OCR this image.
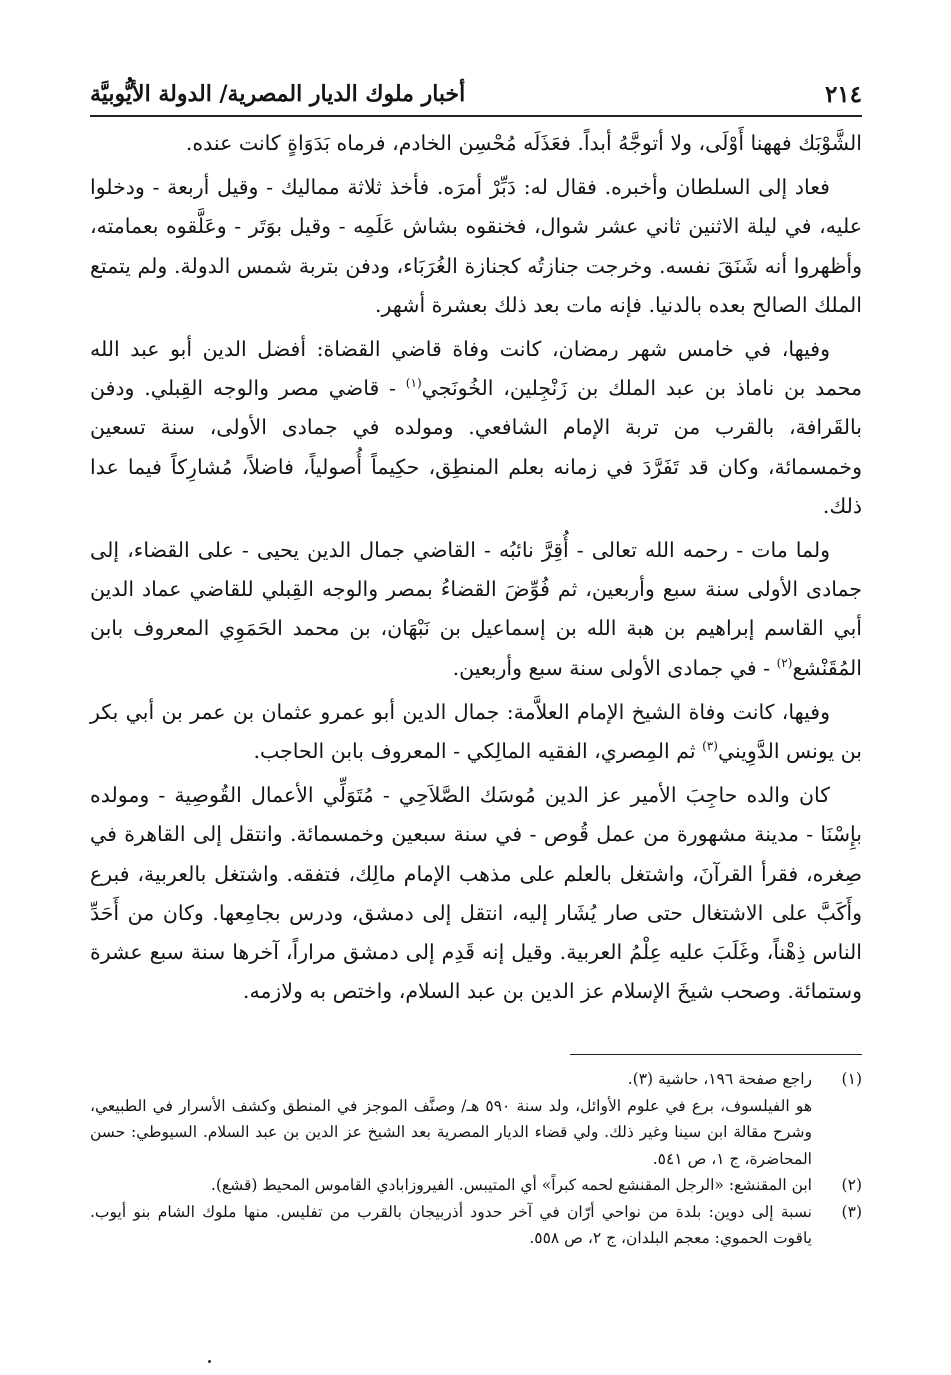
٢١٤
أخبار ملوك الديار المصرية/ الدولة الأيُّوبيَّة

الشَّوْبَك فههنا أَوْلَى، ولا أتوجَّهُ أبداً. فعَذَلَه مُحْسِن الخادم، فرماه بَدَوَاةٍ كانت عنده.

فعاد إلى السلطان وأخبره. فقال له: دَبِّرْ أمرَه. فأخذ ثلاثة مماليك - وقيل أربعة - ودخلوا عليه، في ليلة الاثنين ثاني عشر شوال، فخنقوه بشاش عَلَمِه - وقيل بوَتَر - وعَلَّقوه بعمامته، وأظهروا أنه شَنَقَ نفسه. وخرجت جنازتُه كجنازة الغُرَبَاء، ودفن بتربة شمس الدولة. ولم يتمتع الملك الصالح بعده بالدنيا. فإنه مات بعد ذلك بعشرة أشهر.

وفيها، في خامس شهر رمضان، كانت وفاة قاضي القضاة: أفضل الدين أبو عبد الله محمد بن ناماذ بن عبد الملك بن زَنْجِلين، الخُونَجي$^{(١)}$ - قاضي مصر والوجه القِبلي. ودفن بالقَرافة، بالقرب من تربة الإمام الشافعي. ومولده في جمادى الأولى، سنة تسعين وخمسمائة، وكان قد تَفَرَّدَ في زمانه بعلم المنطِق، حكِيماً أُصولياً، فاضلاً، مُشارِكاً فيما عدا ذلك.

ولما مات - رحمه الله تعالى - أُقِرَّ نائبُه - القاضي جمال الدين يحيى - على القضاء، إلى جمادى الأولى سنة سبع وأربعين، ثم فُوِّضَ القضاءُ بمصر والوجه القِبلي للقاضي عماد الدين أبي القاسم إبراهيم بن هبة الله بن إسماعيل بن نَبْهَان، بن محمد الحَمَوِي المعروف بابن المُقَنْشع$^{(٢)}$ - في جمادى الأولى سنة سبع وأربعين.

وفيها، كانت وفاة الشيخ الإمام العلاَّمة: جمال الدين أبو عمرو عثمان بن عمر بن أبي بكر بن يونس الدَّوِيني$^{(٣)}$ ثم المِصري، الفقيه المالِكي - المعروف بابن الحاجب.

كان والده حاجِبَ الأمير عز الدين مُوسَك الصَّلاَحِي - مُتَوَلِّي الأعمال القُوصِية - ومولده بإِسْنَا - مدينة مشهورة من عمل قُوص - في سنة سبعين وخمسمائة. وانتقل إلى القاهرة في صِغره، فقرأ القرآنَ، واشتغل بالعلم على مذهب الإمام مالِك، فتفقه. واشتغل بالعربية، فبرع وأَكَبَّ على الاشتغال حتى صار يُشَار إليه، انتقل إلى دمشق، ودرس بجامِعها. وكان من أَحَدِّ الناس ذِهْناً، وغَلَبَ عليه عِلْمُ العربية. وقيل إنه قَدِم إلى دمشق مراراً، آخرها سنة سبع عشرة وستمائة. وصحب شيخَ الإسلام عز الدين بن عبد السلام، واختص به ولازمه.

(١)
راجع صفحة ١٩٦، حاشية (٣).
هو الفيلسوف، برع في علوم الأوائل، ولد سنة ٥٩٠ هـ/ وصنَّف الموجز في المنطق وكشف الأسرار في الطبيعي، وشرح مقالة ابن سينا وغير ذلك. ولي قضاء الديار المصرية بعد الشيخ عز الدين بن عبد السلام. السيوطي: حسن المحاضرة، ج ١، ص ٥٤١.
(٢)
ابن المقنشع: «الرجل المقنشع لحمه كبراً» أي المتيبس. الفيروزابادي القاموس المحيط (قشع).
(٣)
نسبة إلى دوين: بلدة من نواحي أرّان في آخر حدود أذربيجان بالقرب من تفليس. منها ملوك الشام بنو أيوب. ياقوت الحموي: معجم البلدان، ج ٢، ص ٥٥٨.
